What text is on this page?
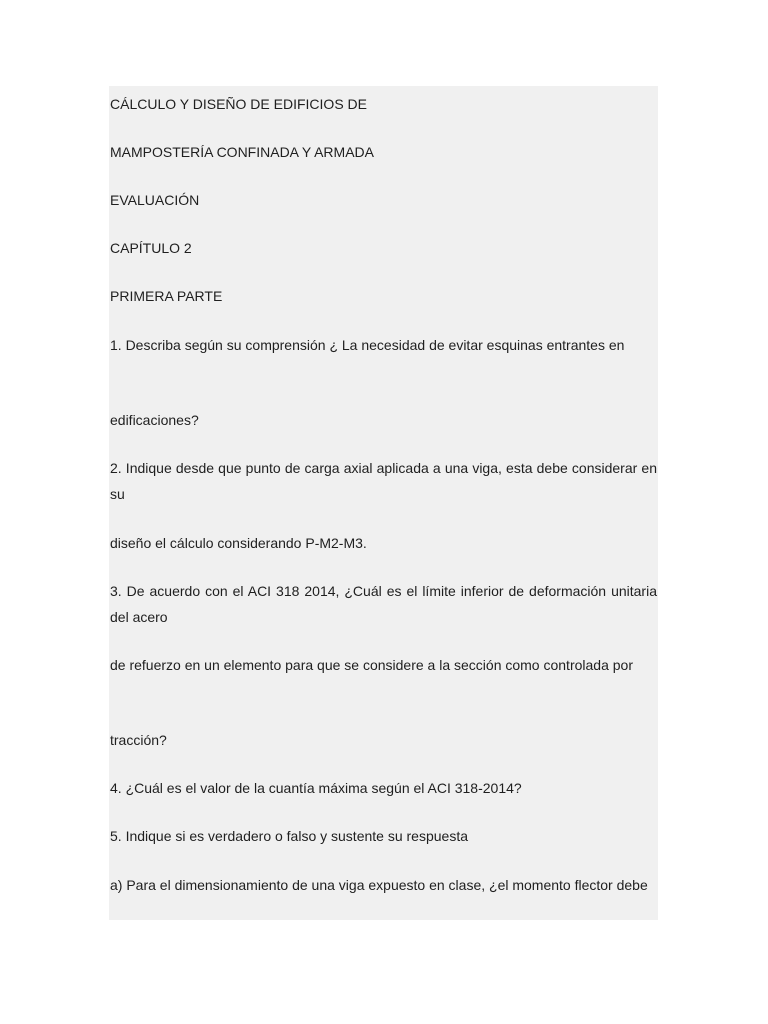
CÁLCULO Y DISEÑO DE EDIFICIOS DE

MAMPOSTERÍA CONFINADA Y ARMADA

EVALUACIÓN

CAPÍTULO 2

PRIMERA PARTE

1. Describa según su comprensión ¿ La necesidad de evitar esquinas entrantes en

edificaciones?

2. Indique desde que punto de carga axial aplicada a una viga, esta debe considerar en su

diseño el cálculo considerando P-M2-M3.

3. De acuerdo con el ACI 318 2014, ¿Cuál es el límite inferior de deformación unitaria del acero

de refuerzo en un elemento para que se considere a la sección como controlada por

tracción?

4. ¿Cuál es el valor de la cuantía máxima según el ACI 318-2014?

5. Indique si es verdadero o falso y sustente su respuesta

a) Para el dimensionamiento de una viga expuesto en clase, ¿el momento flector debe
